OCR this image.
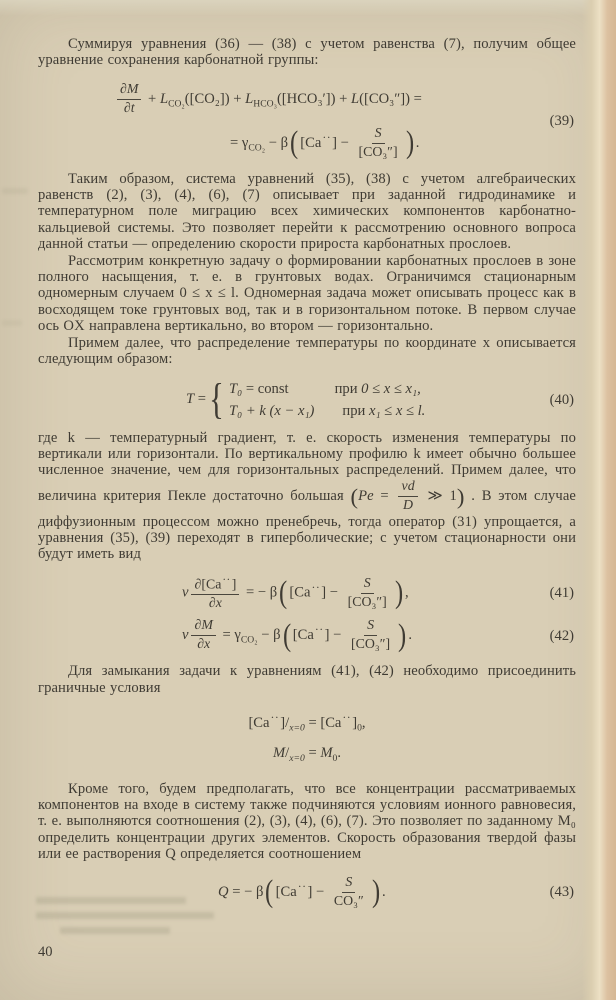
Суммируя уравнения (36) — (38) с учетом равенства (7), получим общее уравнение сохранения карбонатной группы:

$\frac{\partial M}{\partial t} + L_{CO_2}([CO_2]) + L_{HCO_3}([HCO_3']) + L([CO_3''])$ =
= $\gamma_{CO_2} - \beta$( $[Ca^{\cdot\cdot}] - \frac{S}{\text{[CO₃″]}}$ ) .
(39)

Таким образом, система уравнений (35), (38) с учетом алгебраических равенств (2), (3), (4), (6), (7) описывает при заданной гидродинамике и температурном поле миграцию всех химических компонентов карбонатно-кальциевой системы. Это позволяет перейти к рассмотрению основного вопроса данной статьи — определению скорости прироста карбонатных прослоев.

Рассмотрим конкретную задачу о формировании карбонатных прослоев в зоне полного насыщения, т. е. в грунтовых водах. Ограничимся стационарным одномерным случаем 0 ≤ x ≤ l. Одномерная задача может описывать процесс как в восходящем токе грунтовых вод, так и в горизонтальном потоке. В первом случае ось OX направлена вертикально, во втором — горизонтально.

Примем далее, что распределение температуры по координате x описывается следующим образом:

T = { T₀ = const	при 0 ≤ x ≤ x₁,
T₀ + k (x − x₁) при x₁ ≤ x ≤ l.
(40)

где k — температурный градиент, т. е. скорость изменения температуры по вертикали или горизонтали. По вертикальному профилю k имеет обычно большее численное значение, чем для горизонтальных распределений. Примем далее, что величина критерия Пекле достаточно большая ($Pe = \frac{vd}{D}$ ≫ 1) . В этом случае диффузионным процессом можно пренебречь, тогда оператор (31) упрощается, а уравнения (35), (39) переходят в гиперболические; с учетом стационарности они будут иметь вид

v $\frac{\partial[Ca^{\cdot\cdot}]}{\partial x}$ = − β( $[Ca^{\cdot\cdot}] - \frac{S}{\text{[CO₃″]}}$ ) ,	(41)
v $\frac{\partial M}{\partial x} = \gamma_{CO_2} - \beta$( $[Ca^{\cdot\cdot}] - \frac{S}{\text{[CO₃″]}}$ ) .	(42)

Для замыкания задачи к уравнениям (41), (42) необходимо присоединить граничные условия

$[Ca^{\cdot\cdot}]/_{x=0} = [Ca^{\cdot\cdot}]_0$,
$M/_{x=0} = M_0$.

Кроме того, будем предполагать, что все концентрации рассматриваемых компонентов на входе в систему также подчиняются условиям ионного равновесия, т. е. выполняются соотношения (2), (3), (4), (6), (7). Это позволяет по заданному M₀ определить концентрации других элементов. Скорость образования твердой фазы или ее растворения Q определяется соотношением

Q = − β( $[Ca^{\cdot\cdot}] - \frac{S}{\text{CO₃″}}$ ) .	(43)
40
